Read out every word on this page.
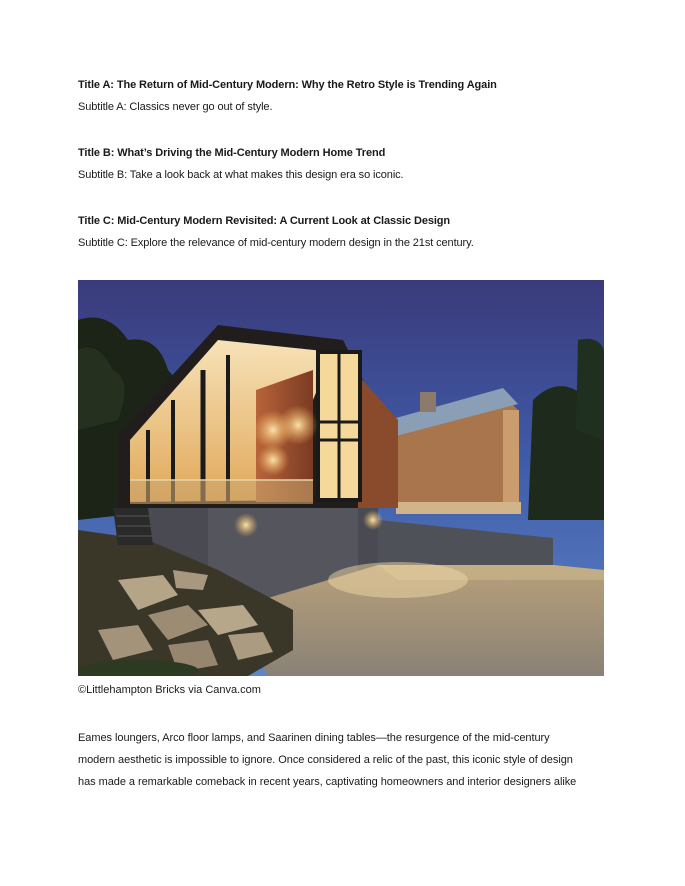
Title A: The Return of Mid-Century Modern: Why the Retro Style is Trending Again
Subtitle A: Classics never go out of style.
Title B: What’s Driving the Mid-Century Modern Home Trend
Subtitle B: Take a look back at what makes this design era so iconic.
Title C: Mid-Century Modern Revisited: A Current Look at Classic Design
Subtitle C: Explore the relevance of mid-century modern design in the 21st century.
©Littlehampton Bricks via Canva.com
Eames loungers, Arco floor lamps, and Saarinen dining tables—the resurgence of the mid-century
modern aesthetic is impossible to ignore. Once considered a relic of the past, this iconic style of design
has made a remarkable comeback in recent years, captivating homeowners and interior designers alike
